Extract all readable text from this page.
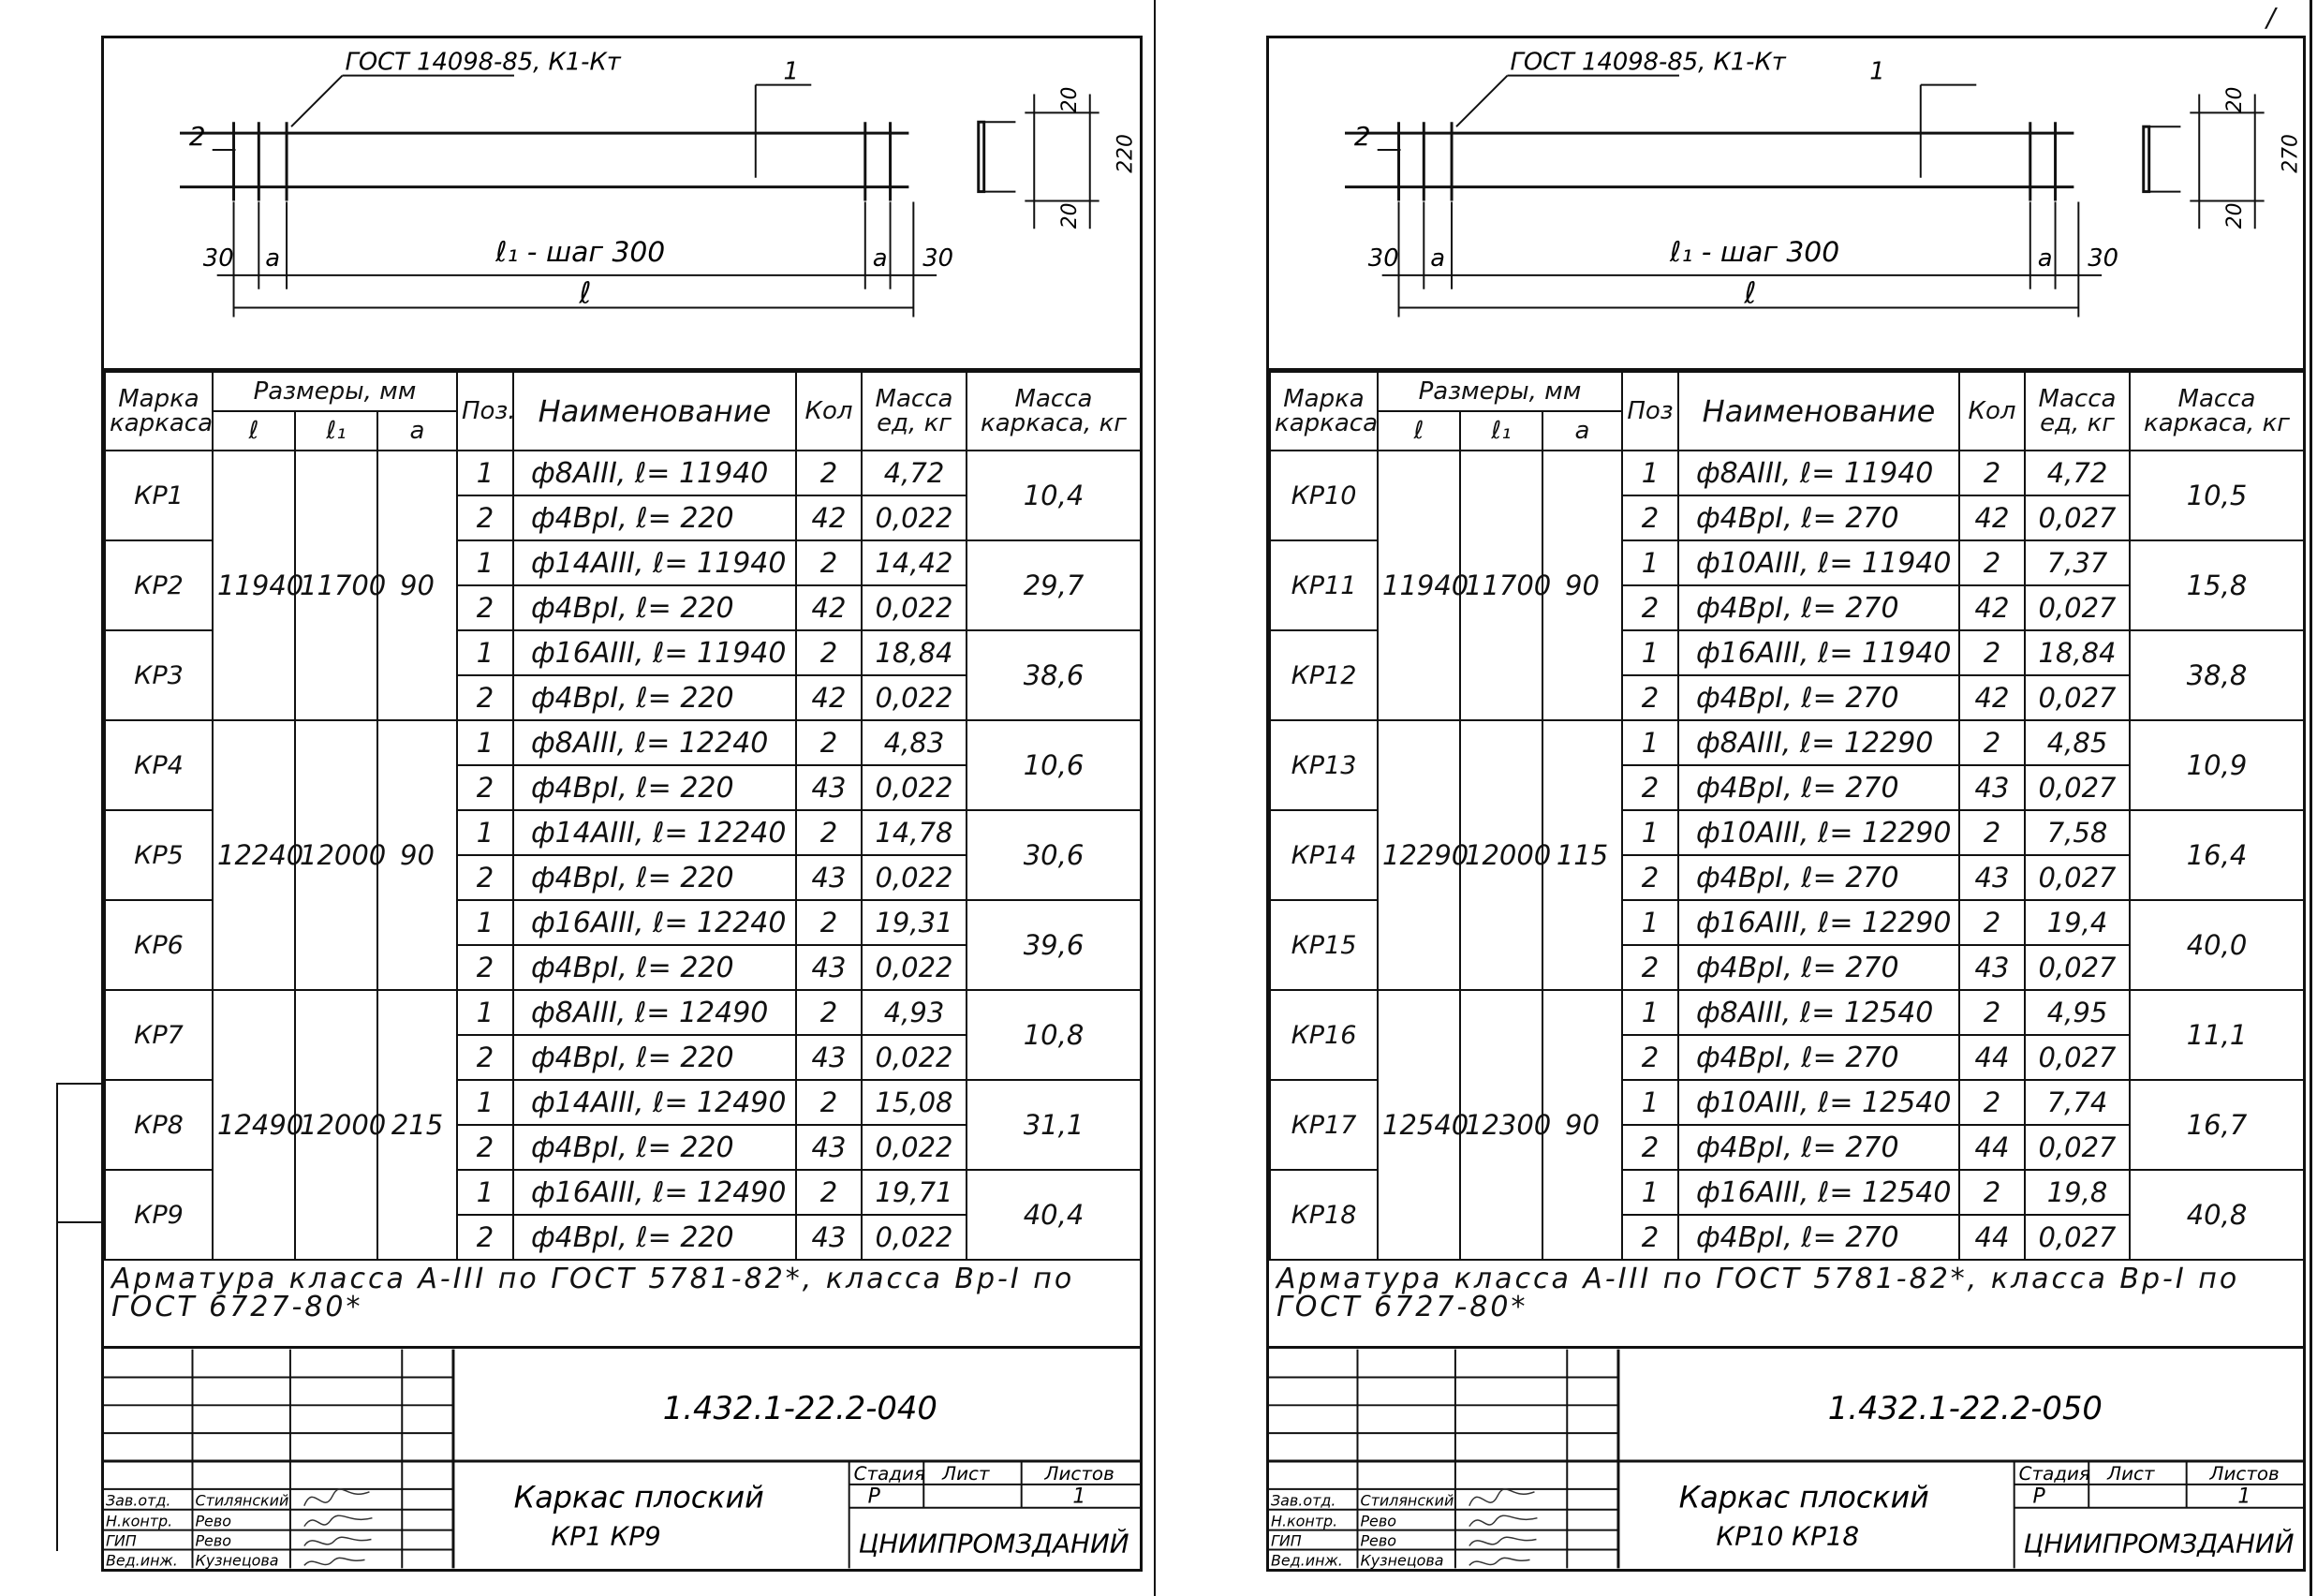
/
ГОСТ 14098-85, К1-Кт	1
2
30 a	ℓ₁ - шаг 300	a 30
ℓ
20
220
20
Марка каркаса	Размеры, мм			Поз.	Наименование	Кол	Масса ед, кг	Масса каркаса, кг
	ℓ	ℓ₁	a					
КР1	11940	11700	90	1	ф8АIII, ℓ= 11940	2	4,72	10,4
				2	ф4ВрI, ℓ= 220	42	0,022	
КР2				1	ф14АIII, ℓ= 11940	2	14,42	29,7
				2	ф4ВрI, ℓ= 220	42	0,022	
КР3				1	ф16АIII, ℓ= 11940	2	18,84	38,6
				2	ф4ВрI, ℓ= 220	42	0,022	
КР4	12240	12000	90	1	ф8АIII, ℓ= 12240	2	4,83	10,6
				2	ф4ВрI, ℓ= 220	43	0,022	
КР5				1	ф14АIII, ℓ= 12240	2	14,78	30,6
				2	ф4ВрI, ℓ= 220	43	0,022	
КР6				1	ф16АIII, ℓ= 12240	2	19,31	39,6
				2	ф4ВрI, ℓ= 220	43	0,022	
КР7	12490	12000	215	1	ф8АIII, ℓ= 12490	2	4,93	10,8
				2	ф4ВрI, ℓ= 220	43	0,022	
КР8				1	ф14АIII, ℓ= 12490	2	15,08	31,1
				2	ф4ВрI, ℓ= 220	43	0,022	
КР9				1	ф16АIII, ℓ= 12490	2	19,71	40,4
				2	ф4ВрI, ℓ= 220	43	0,022	
Арматура класса А-III по ГОСТ 5781-82*, класса Вр-I по ГОСТ 6727-80*
1.432.1-22.2-040
Каркас плоский
КР1 КР9
Стадия Лист	Листов
Р	1
ЦНИИПРОМЗДАНИЙ
Зав.отд. Стилянский
Н.контр. Рево
ГИП	Рево
Вед.инж. Кузнецова
ГОСТ 14098-85, К1-Кт	1
2
30 a	ℓ₁ - шаг 300	a 30
ℓ
20
270
20
Марка каркаса	Размеры, мм			Поз	Наименование	Кол	Масса ед, кг	Масса каркаса, кг
	ℓ	ℓ₁	a					
КР10	11940	11700	90	1	ф8АIII, ℓ= 11940	2	4,72	10,5
				2	ф4ВрI, ℓ= 270	42	0,027	
КР11				1	ф10АIII, ℓ= 11940	2	7,37	15,8
				2	ф4ВрI, ℓ= 270	42	0,027	
КР12				1	ф16АIII, ℓ= 11940	2	18,84	38,8
				2	ф4ВрI, ℓ= 270	42	0,027	
КР13	12290	12000	115	1	ф8АIII, ℓ= 12290	2	4,85	10,9
				2	ф4ВрI, ℓ= 270	43	0,027	
КР14				1	ф10АIII, ℓ= 12290	2	7,58	16,4
				2	ф4ВрI, ℓ= 270	43	0,027	
КР15				1	ф16АIII, ℓ= 12290	2	19,4	40,0
				2	ф4ВрI, ℓ= 270	43	0,027	
КР16	12540	12300	90	1	ф8АIII, ℓ= 12540	2	4,95	11,1
				2	ф4ВрI, ℓ= 270	44	0,027	
КР17				1	ф10АIII, ℓ= 12540	2	7,74	16,7
				2	ф4ВрI, ℓ= 270	44	0,027	
КР18				1	ф16АIII, ℓ= 12540	2	19,8	40,8
				2	ф4ВрI, ℓ= 270	44	0,027	
Арматура класса А-III по ГОСТ 5781-82*, класса Вр-I по ГОСТ 6727-80*
1.432.1-22.2-050
Каркас плоский
КР10 КР18
Стадия Лист	Листов
Р	1
ЦНИИПРОМЗДАНИЙ
Зав.отд. Стилянский
Н.контр. Рево
ГИП	Рево
Вед.инж. Кузнецова
